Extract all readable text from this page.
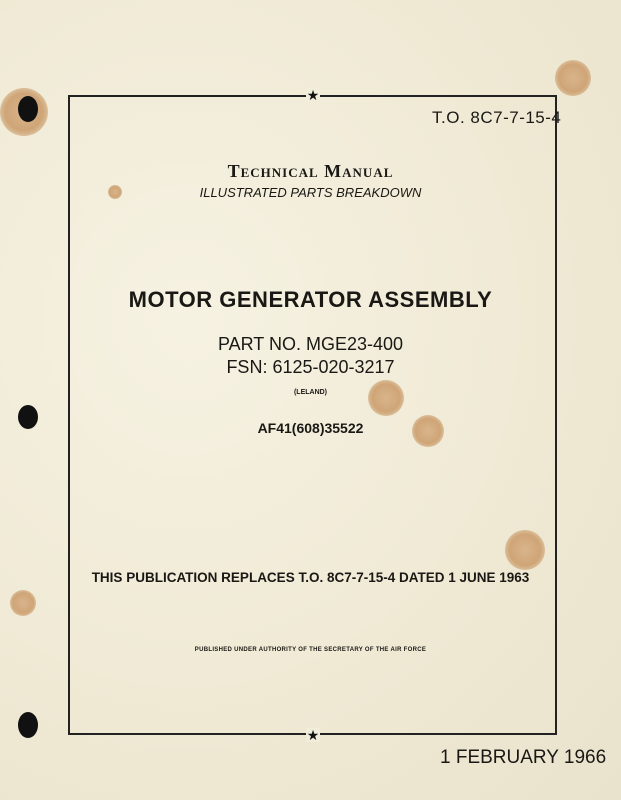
★
★
T.O. 8C7-7-15-4
Technical Manual
ILLUSTRATED PARTS BREAKDOWN
MOTOR GENERATOR ASSEMBLY
PART NO. MGE23-400
FSN: 6125-020-3217
(LELAND)
AF41(608)35522
THIS PUBLICATION REPLACES T.O. 8C7-7-15-4 DATED 1 JUNE 1963
PUBLISHED UNDER AUTHORITY OF THE SECRETARY OF THE AIR FORCE
1 FEBRUARY 1966
